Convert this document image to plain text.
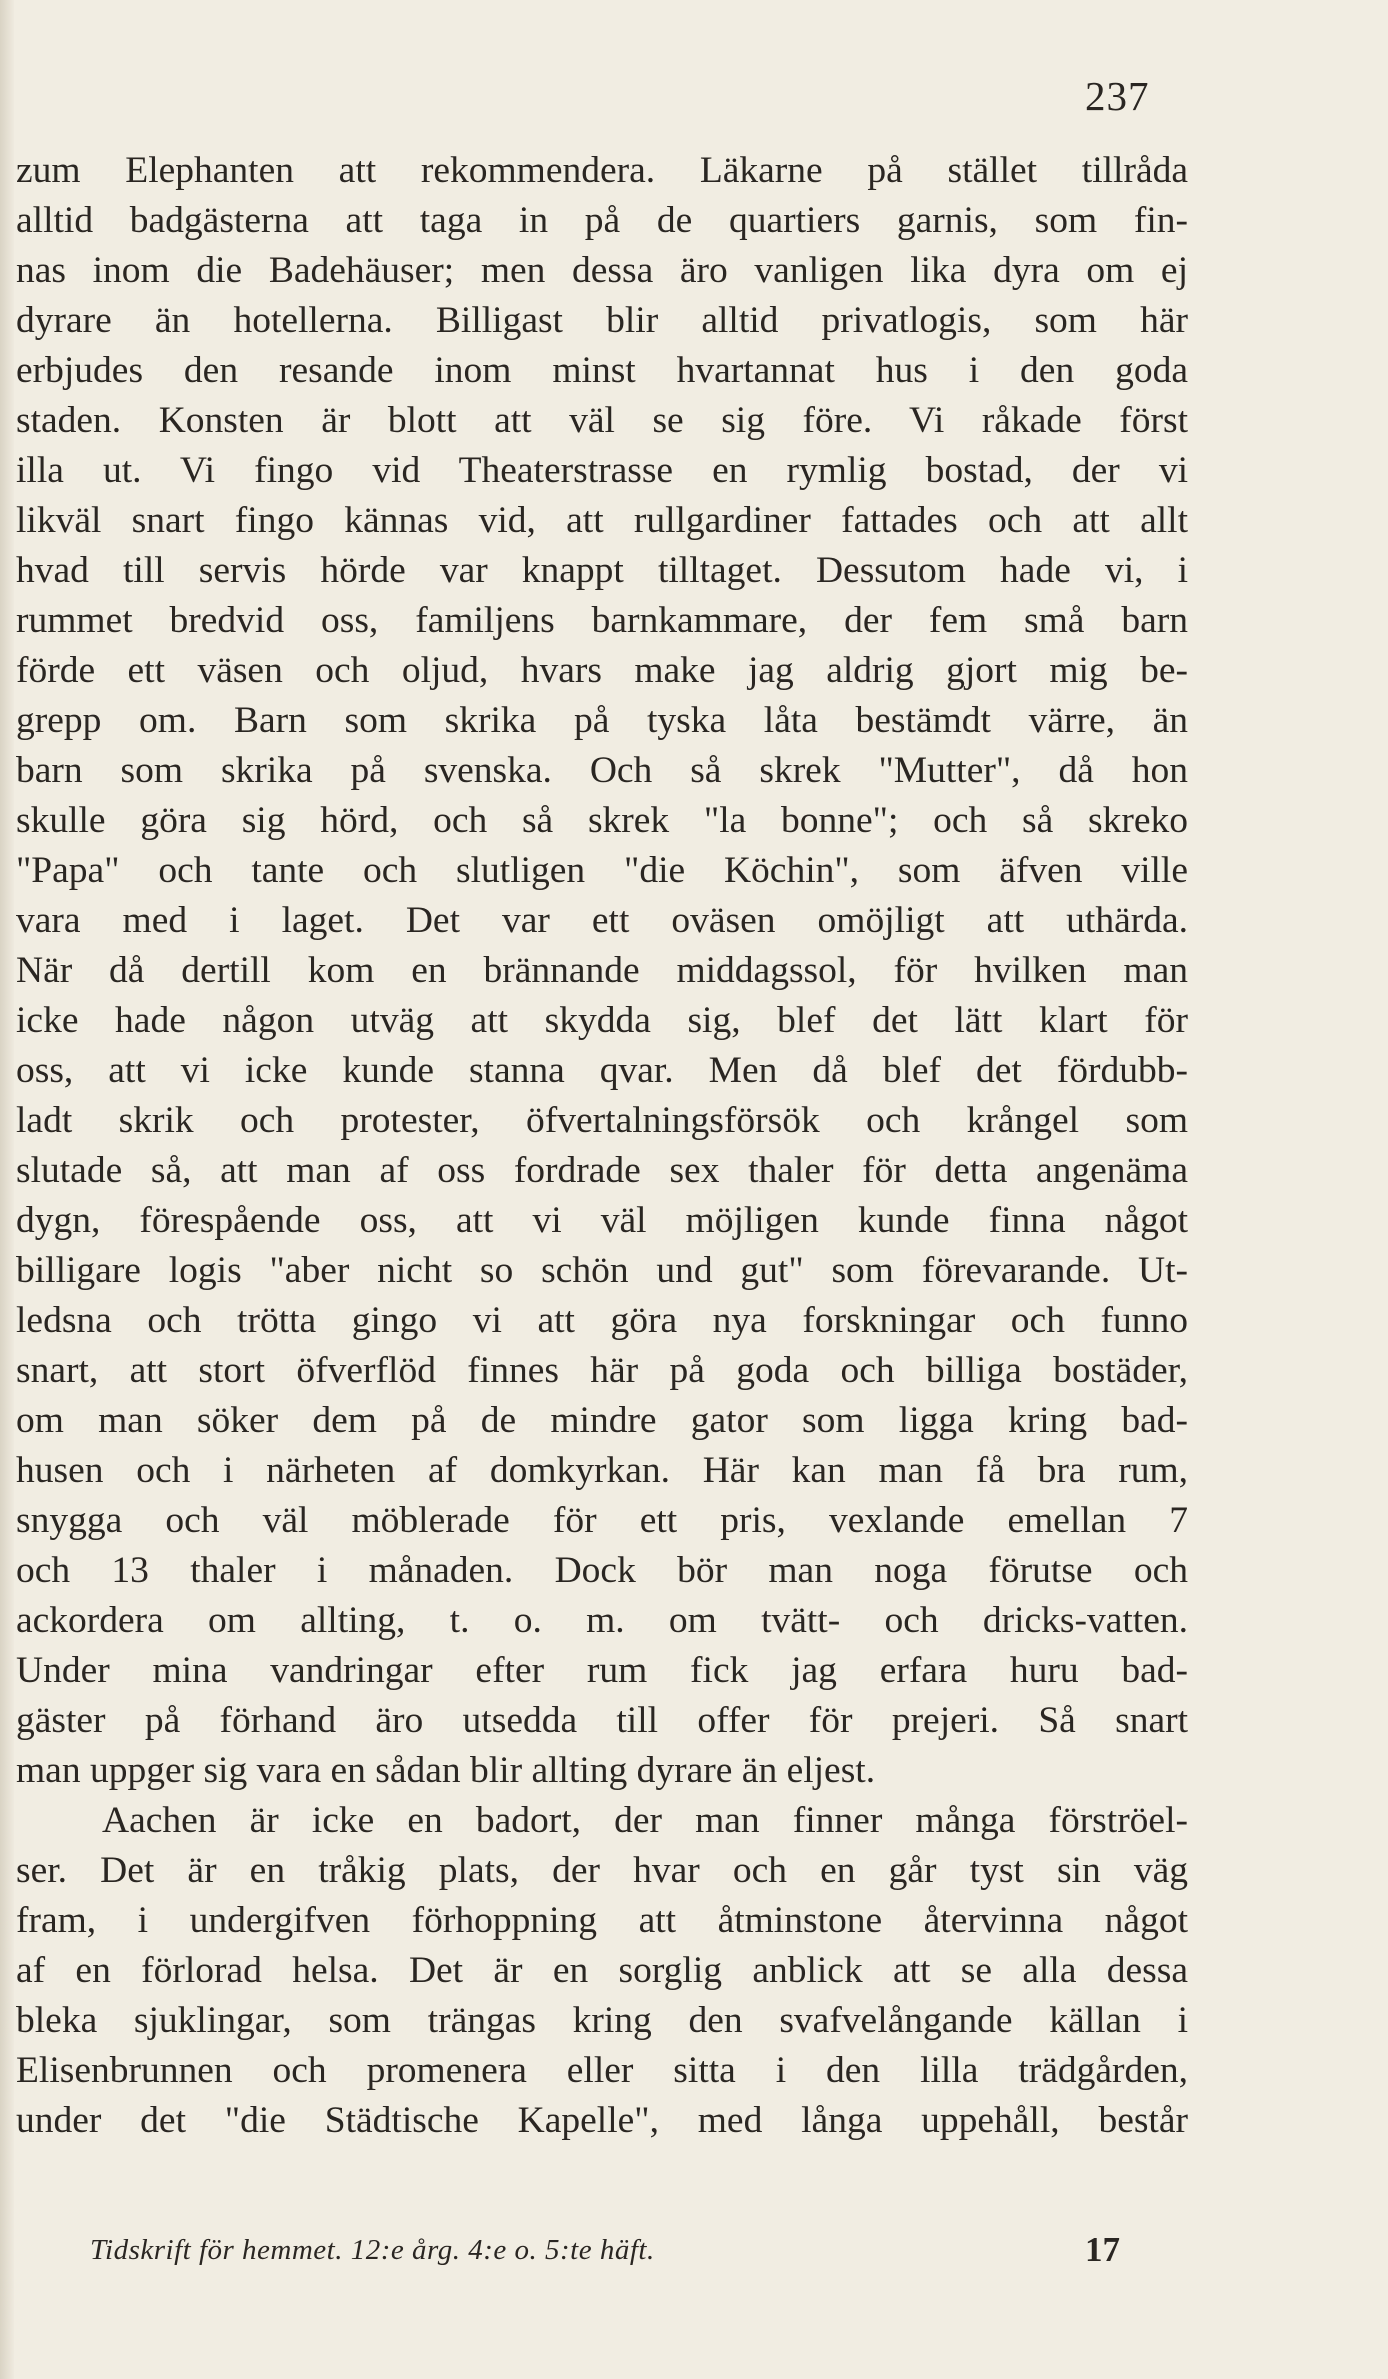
237
zum Elephanten att rekommendera. Läkarne på stället tillråda
alltid badgästerna att taga in på de quartiers garnis, som fin-
nas inom die Badehäuser; men dessa äro vanligen lika dyra om ej
dyrare än hotellerna. Billigast blir alltid privatlogis, som här
erbjudes den resande inom minst hvartannat hus i den goda
staden. Konsten är blott att väl se sig före. Vi råkade först
illa ut. Vi fingo vid Theaterstrasse en rymlig bostad, der vi
likväl snart fingo kännas vid, att rullgardiner fattades och att allt
hvad till servis hörde var knappt tilltaget. Dessutom hade vi, i
rummet bredvid oss, familjens barnkammare, der fem små barn
förde ett väsen och oljud, hvars make jag aldrig gjort mig be-
grepp om. Barn som skrika på tyska låta bestämdt värre, än
barn som skrika på svenska. Och så skrek "Mutter", då hon
skulle göra sig hörd, och så skrek "la bonne"; och så skreko
"Papa" och tante och slutligen "die Köchin", som äfven ville
vara med i laget. Det var ett oväsen omöjligt att uthärda.
När då dertill kom en brännande middagssol, för hvilken man
icke hade någon utväg att skydda sig, blef det lätt klart för
oss, att vi icke kunde stanna qvar. Men då blef det fördubb-
ladt skrik och protester, öfvertalningsförsök och krångel som
slutade så, att man af oss fordrade sex thaler för detta angenäma
dygn, förespående oss, att vi väl möjligen kunde finna något
billigare logis "aber nicht so schön und gut" som förevarande. Ut-
ledsna och trötta gingo vi att göra nya forskningar och funno
snart, att stort öfverflöd finnes här på goda och billiga bostäder,
om man söker dem på de mindre gator som ligga kring bad-
husen och i närheten af domkyrkan. Här kan man få bra rum,
snygga och väl möblerade för ett pris, vexlande emellan 7
och 13 thaler i månaden. Dock bör man noga förutse och
ackordera om allting, t. o. m. om tvätt- och dricks-vatten.
Under mina vandringar efter rum fick jag erfara huru bad-
gäster på förhand äro utsedda till offer för prejeri. Så snart
man uppger sig vara en sådan blir allting dyrare än eljest.
Aachen är icke en badort, der man finner många förströel-
ser. Det är en tråkig plats, der hvar och en går tyst sin väg
fram, i undergifven förhoppning att åtminstone återvinna något
af en förlorad helsa. Det är en sorglig anblick att se alla dessa
bleka sjuklingar, som trängas kring den svafvelångande källan i
Elisenbrunnen och promenera eller sitta i den lilla trädgården,
under det "die Städtische Kapelle", med långa uppehåll, består
Tidskrift för hemmet. 12:e årg. 4:e o. 5:te häft.	17
